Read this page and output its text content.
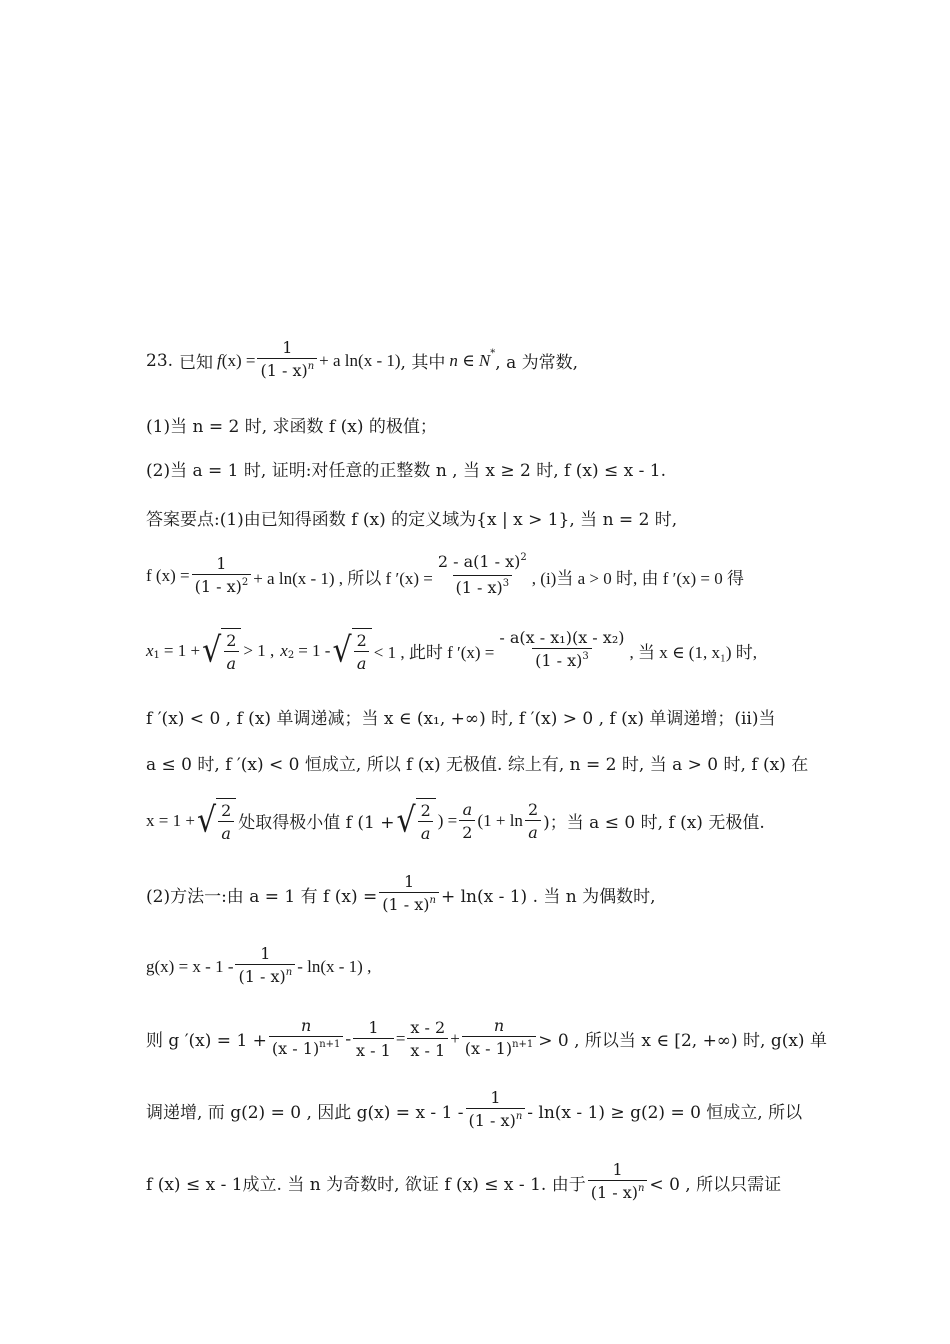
23. 已知 f $(x) = \frac{1}{(1 - x)^n} + a$ ln(x - 1) , 其中 n ∈ N * , a 为常数,
(1)当 n = 2 时, 求函数 f (x) 的极值；
(2)当 a = 1 时, 证明:对任意的正整数 n , 当 x ≥ 2 时, f (x) ≤ x - 1.
答案要点:(1)由已知得函数 f (x) 的定义域为{x | x > 1}, 当 n = 2 时,
f $(x) = \frac{1}{(1 - x)^2} + a$ ln(x - 1) , 所以 f $'(x) = \frac{2 - a(1 - x)^2}{(1 - x)^3}$ , (i)当 a > 0 时, 由 f ′(x) = 0 得
x 1 = 1 + √ $\frac{2}{a} > 1$ , x 2 = 1 - √ $\frac{2}{a} < 1$ , 此时 f $'(x) = \frac{\text{- a(x - x₁)(x - x₂)}}{(1 - x)^3}$ , 当 x ∈ (1, x₁) 时,
f ′(x) < 0 , f (x) 单调递减；当 x ∈ (x₁, +∞) 时, f ′(x) > 0 , f (x) 单调递增；(ii)当
a ≤ 0 时, f ′(x) < 0 恒成立, 所以 f (x) 无极值. 综上有, n = 2 时, 当 a > 0 时, f (x) 在
x = 1 + √ $\frac{2}{a}$ 处取得极小值 f (1 + √ $\frac{2}{a}$ ) = $\frac{a}{2} (1 + \ln \frac{2}{a}$ )；当 a ≤ 0 时, f (x) 无极值.
(2)方法一:由 a = 1 有 f $(x) = \frac{1}{(1 - x)^n} + \ln(x - 1)$ . 当 n 为偶数时,
$g(x) = x - 1 - \frac{1}{(1 - x)^n} - \ln(x - 1)$ ,
则 g $'(x) = 1 + \frac{n}{(x - 1)^{n+1}} - \frac{1}{x - 1} = \frac{x - 2}{x - 1} + \frac{n}{(x - 1)^{n+1}} > 0$ , 所以当 x ∈ [2, +∞) 时, g(x) 单
调递增, 而 g(2) = 0 , 因此 $g(x) = x - 1 - \frac{1}{(1 - x)^n} - \ln(x - 1) \ge g(2) = 0$ 恒成立, 所以
f (x) ≤ x - 1成立. 当 n 为奇数时, 欲证 f (x) ≤ x - 1. 由于 $\frac{1}{(1 - x)^n} < 0$ , 所以只需证
